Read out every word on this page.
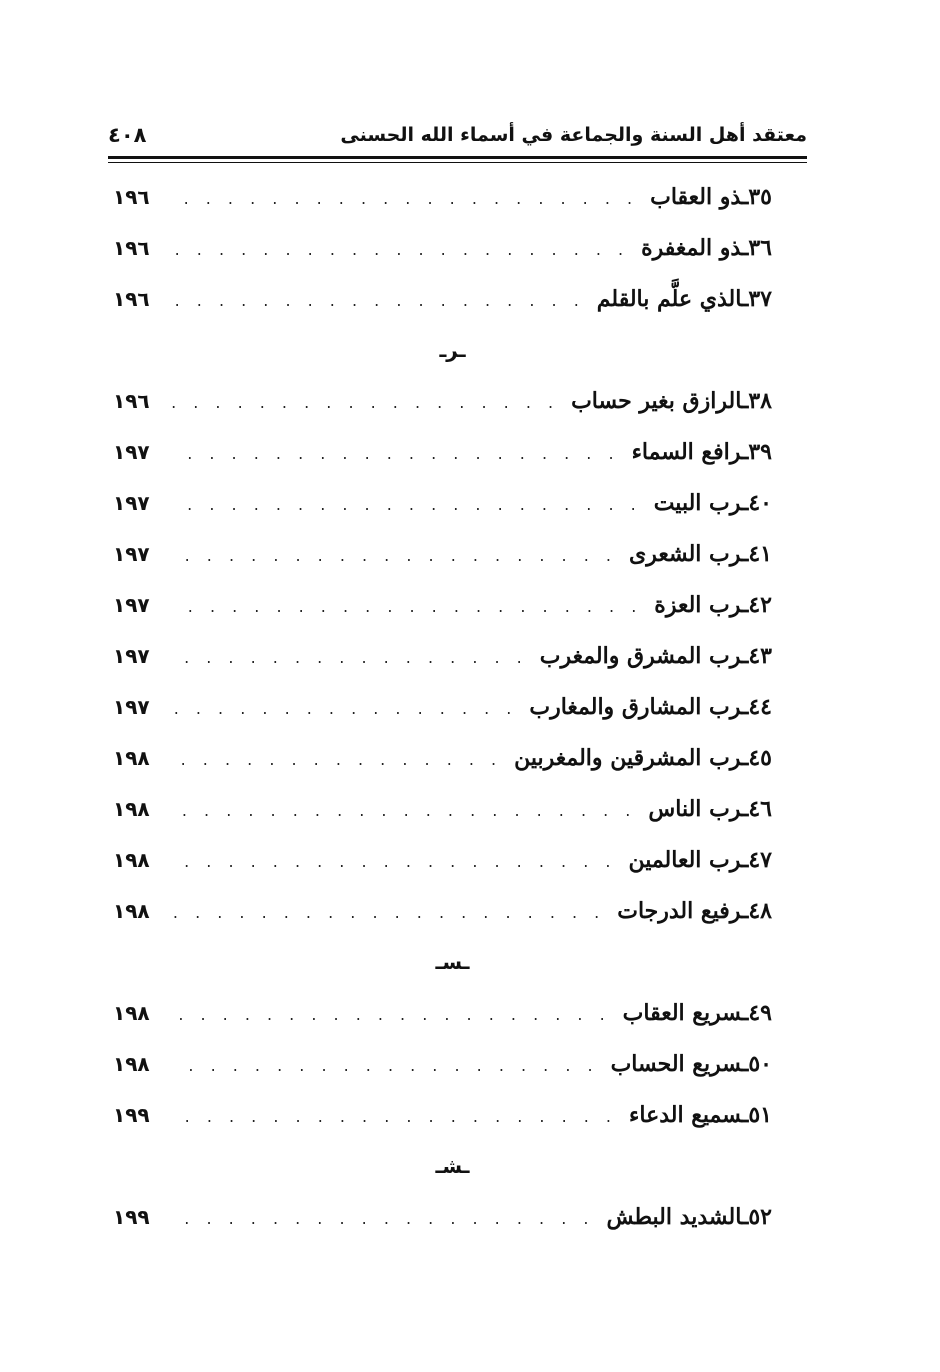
معتقد أهل السنة والجماعة في أسماء الله الحسنى
٤٠٨
٣٥ـذو العقاب
. . .
١٩٦
٣٦ـذو المغفرة
. . .
١٩٦
٣٧ـالذي علَّم بالقلم
. . .
١٩٦
ـرـ
٣٨ـالرازق بغير حساب
. . .
١٩٦
٣٩ـرافع السماء
. . .
١٩٧
٤٠ـرب البيت
. . .
١٩٧
٤١ـرب الشعرى
. . .
١٩٧
٤٢ـرب العزة
. . .
١٩٧
٤٣ـرب المشرق والمغرب
. . .
١٩٧
٤٤ـرب المشارق والمغارب
. . .
١٩٧
٤٥ـرب المشرقين والمغربين
. . .
١٩٨
٤٦ـرب الناس
. . .
١٩٨
٤٧ـرب العالمين
. . .
١٩٨
٤٨ـرفيع الدرجات
. . .
١٩٨
ـسـ
٤٩ـسريع العقاب
. . .
١٩٨
٥٠ـسريع الحساب
. . .
١٩٨
٥١ـسميع الدعاء
. . .
١٩٩
ـشـ
٥٢ـالشديد البطش
. . .
١٩٩
